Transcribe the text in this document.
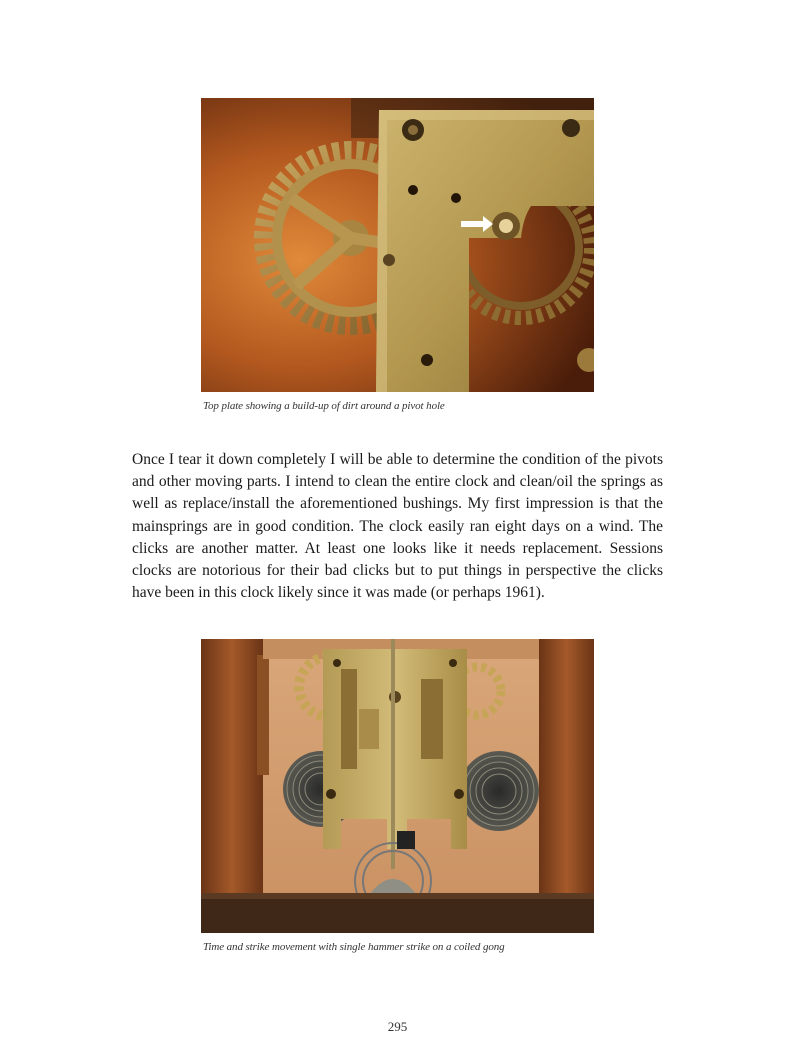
Top plate showing a build-up of dirt around a pivot hole
Once I tear it down completely I will be able to determine the condition of the pivots and other moving parts. I intend to clean the entire clock and clean/oil the springs as well as replace/install the aforementioned bushings. My first impression is that the mainsprings are in good condition. The clock easily ran eight days on a wind. The clicks are another matter. At least one looks like it needs replacement. Sessions clocks are notorious for their bad clicks but to put things in perspective the clicks have been in this clock likely since it was made (or perhaps 1961).
Time and strike movement with single hammer strike on a coiled gong
295
